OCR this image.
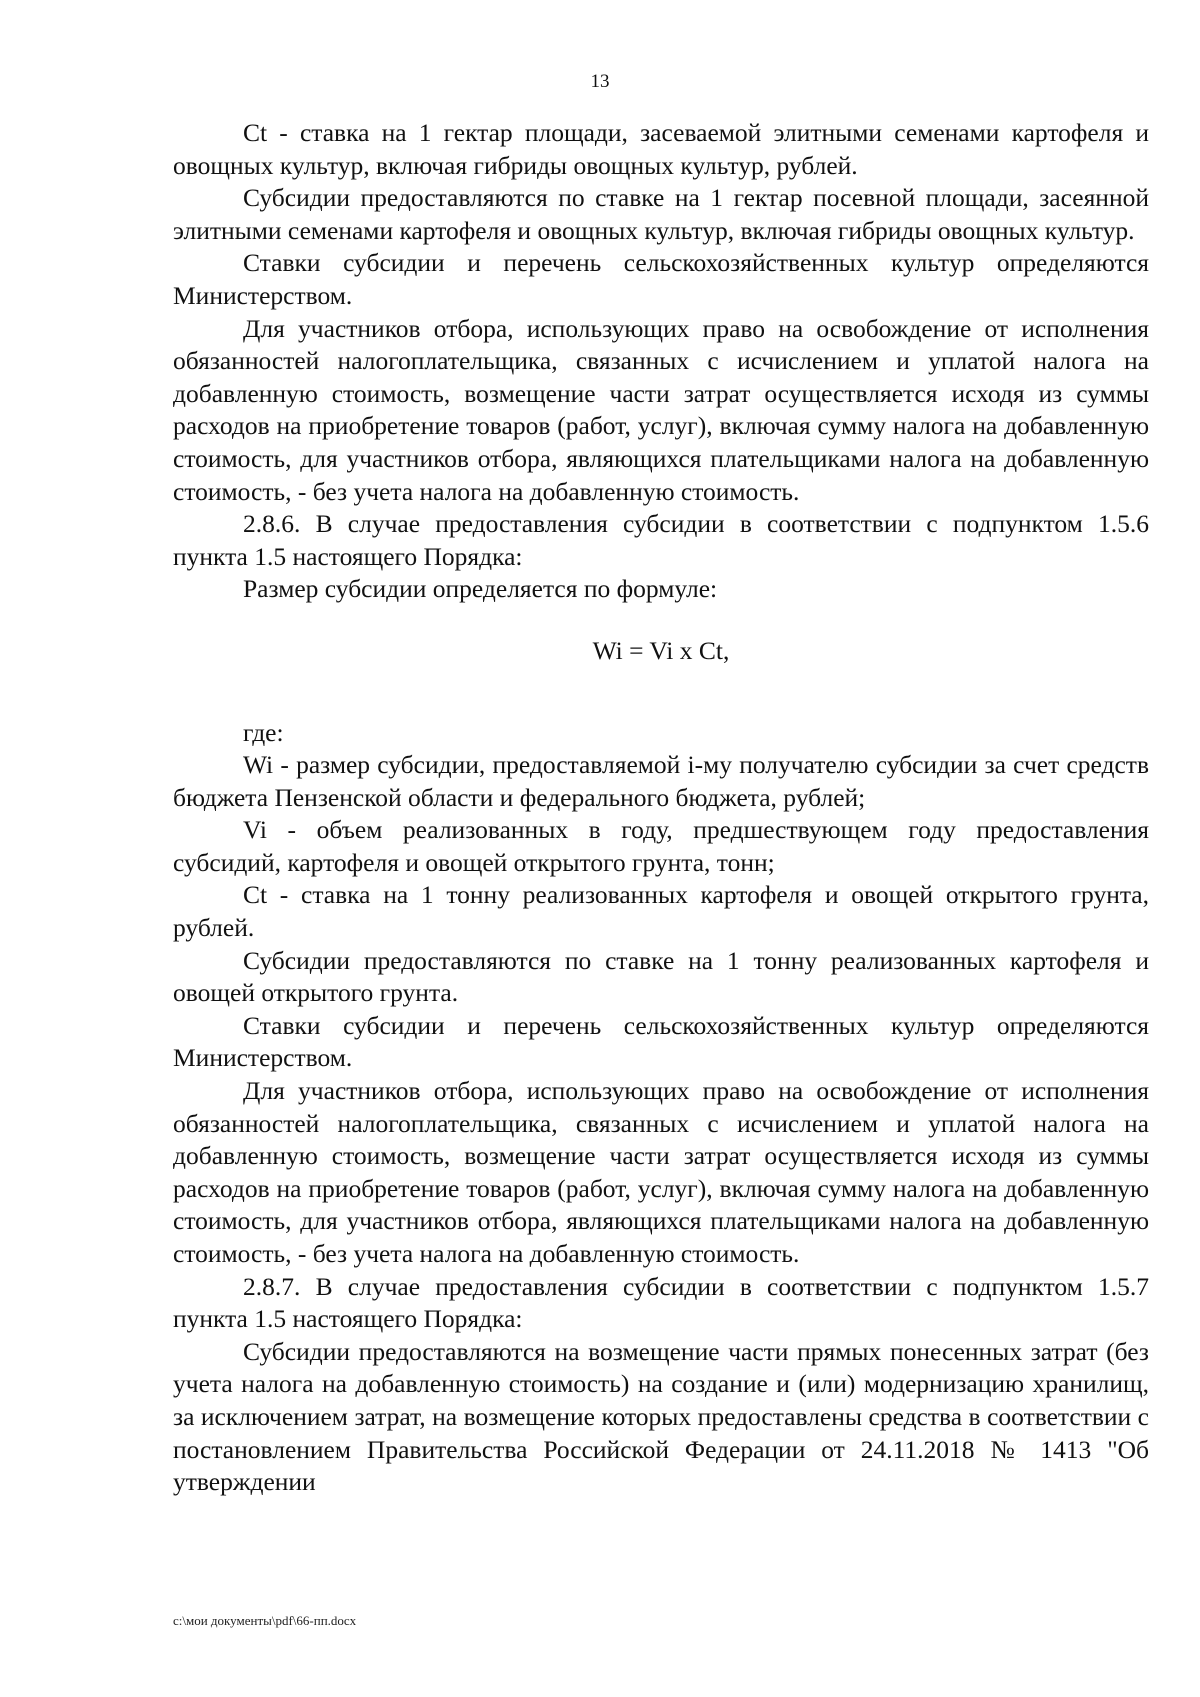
13

Ct - ставка на 1 гектар площади, засеваемой элитными семенами картофеля и овощных культур, включая гибриды овощных культур, рублей.

Субсидии предоставляются по ставке на 1 гектар посевной площади, засеянной элитными семенами картофеля и овощных культур, включая гибриды овощных культур.

Ставки субсидии и перечень сельскохозяйственных культур определяются Министерством.

Для участников отбора, использующих право на освобождение от исполнения обязанностей налогоплательщика, связанных с исчислением и уплатой налога на добавленную стоимость, возмещение части затрат осуществляется исходя из суммы расходов на приобретение товаров (работ, услуг), включая сумму налога на добавленную стоимость, для участников отбора, являющихся плательщиками налога на добавленную стоимость, - без учета налога на добавленную стоимость.

2.8.6. В случае предоставления субсидии в соответствии с подпунктом 1.5.6 пункта 1.5 настоящего Порядка:

Размер субсидии определяется по формуле:

Wi = Vi x Ct,

где:

Wi - размер субсидии, предоставляемой i-му получателю субсидии за счет средств бюджета Пензенской области и федерального бюджета, рублей;

Vi - объем реализованных в году, предшествующем году предоставления субсидий, картофеля и овощей открытого грунта, тонн;

Ct - ставка на 1 тонну реализованных картофеля и овощей открытого грунта, рублей.

Субсидии предоставляются по ставке на 1 тонну реализованных картофеля и овощей открытого грунта.

Ставки субсидии и перечень сельскохозяйственных культур определяются Министерством.

Для участников отбора, использующих право на освобождение от исполнения обязанностей налогоплательщика, связанных с исчислением и уплатой налога на добавленную стоимость, возмещение части затрат осуществляется исходя из суммы расходов на приобретение товаров (работ, услуг), включая сумму налога на добавленную стоимость, для участников отбора, являющихся плательщиками налога на добавленную стоимость, - без учета налога на добавленную стоимость.

2.8.7. В случае предоставления субсидии в соответствии с подпунктом 1.5.7 пункта 1.5 настоящего Порядка:

Субсидии предоставляются на возмещение части прямых понесенных затрат (без учета налога на добавленную стоимость) на создание и (или) модернизацию хранилищ, за исключением затрат, на возмещение которых предоставлены средства в соответствии с постановлением Правительства Российской Федерации от 24.11.2018 № 1413 "Об утверждении

c:\мои документы\pdf\66-пп.docx
